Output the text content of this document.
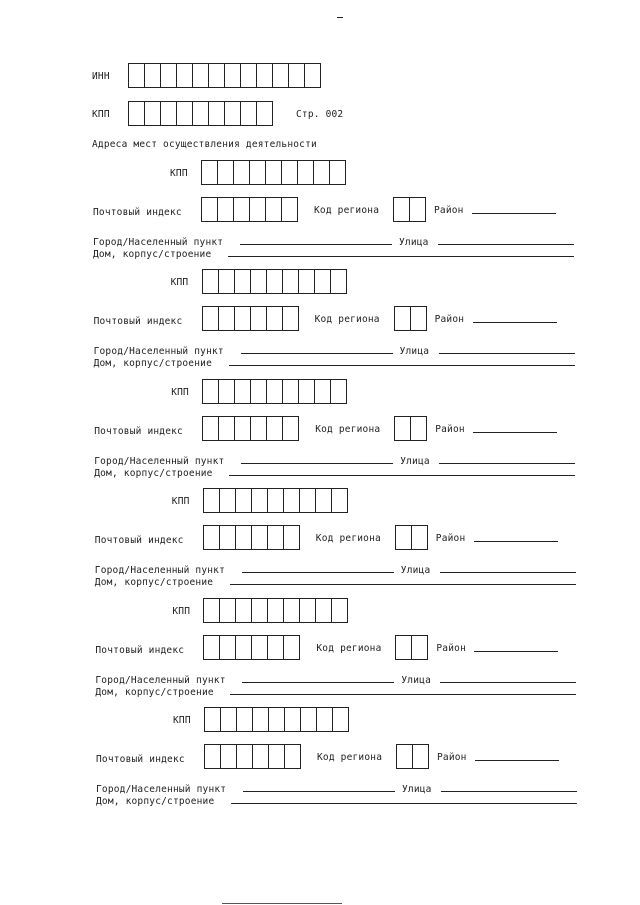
ИНН
КПП	Стр. 002
Адреса мест осуществления деятельности
КПП
Почтовый индекс	Код региона	Район
Город/Населенный пункт	Улица
Дом, корпус/строение
КПП
Почтовый индекс	Код региона	Район
Город/Населенный пункт	Улица
Дом, корпус/строение
КПП
Почтовый индекс	Код региона	Район
Город/Населенный пункт	Улица
Дом, корпус/строение
КПП
Почтовый индекс	Код региона	Район
Город/Населенный пункт	Улица
Дом, корпус/строение
КПП
Почтовый индекс	Код региона	Район
Город/Населенный пункт	Улица
Дом, корпус/строение
КПП
Почтовый индекс	Код региона	Район
Город/Населенный пункт	Улица
Дом, корпус/строение
